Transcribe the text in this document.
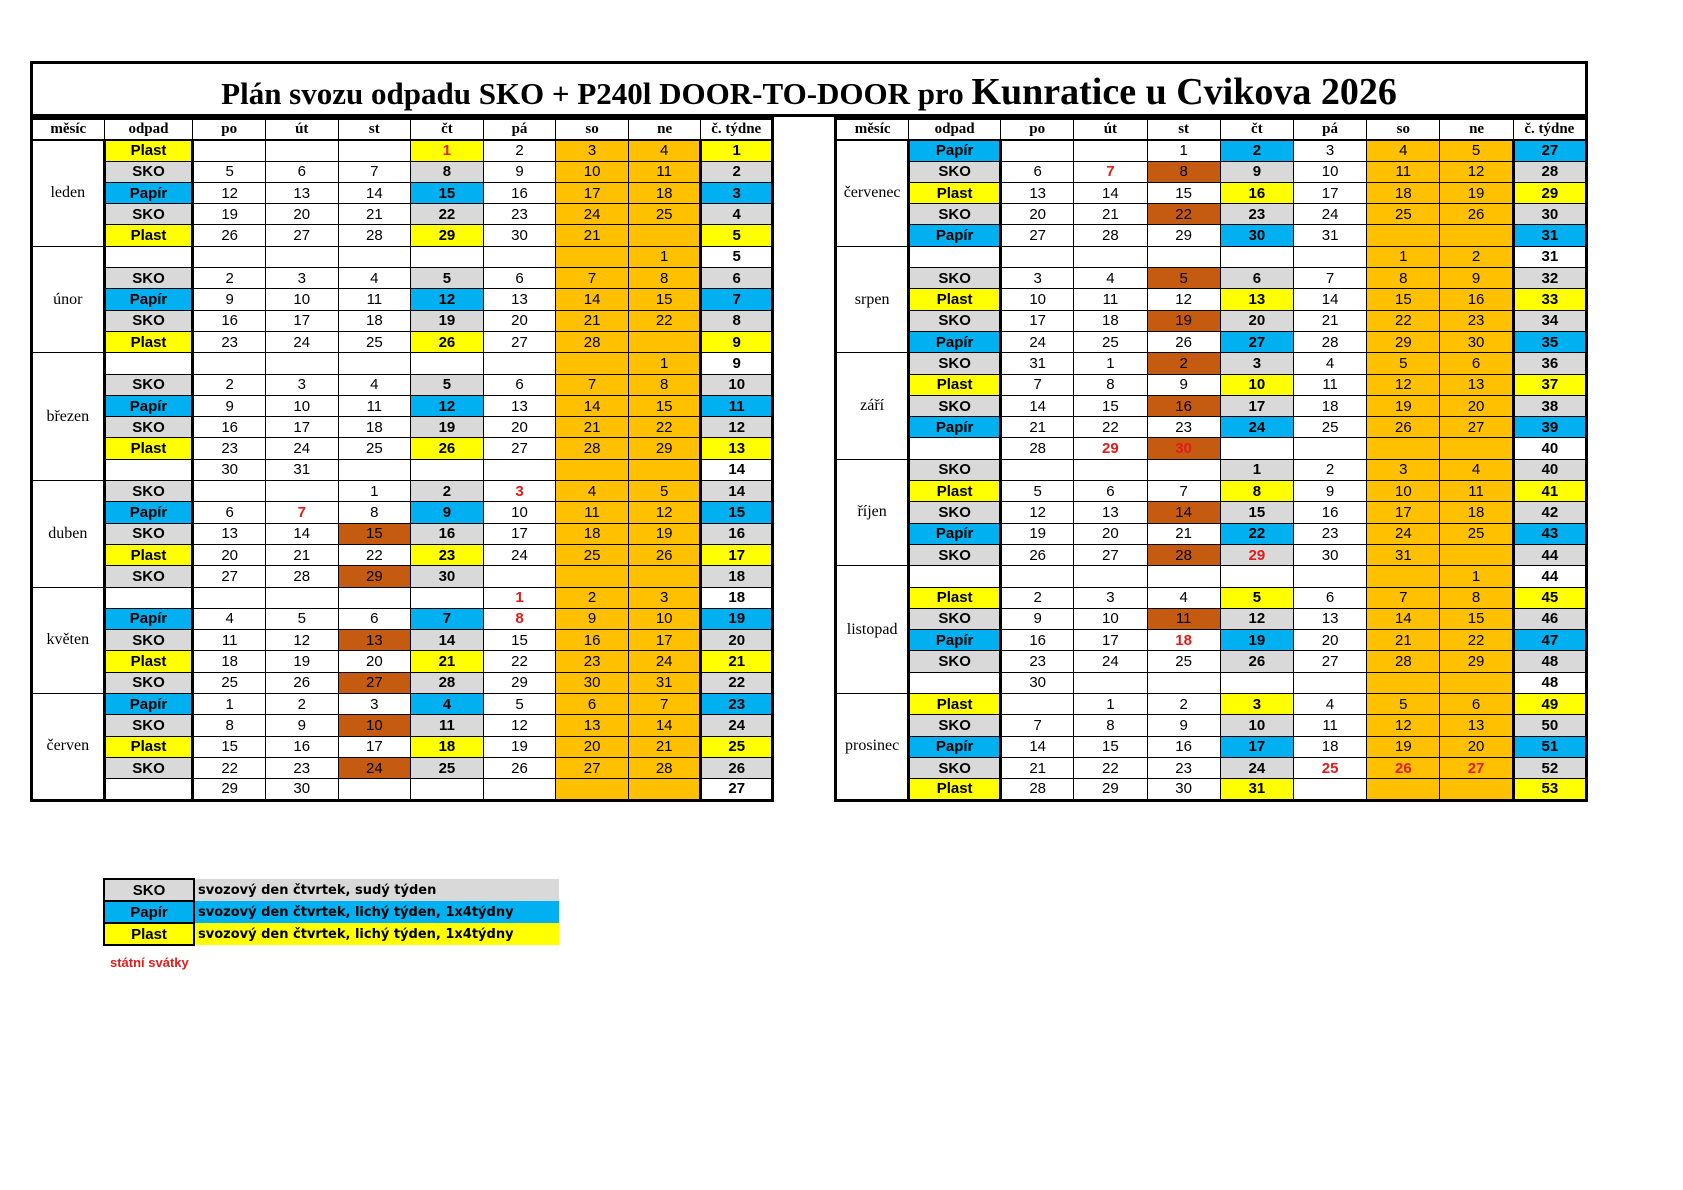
Plán svozu odpadu SKO + P240l DOOR-TO-DOOR pro Kunratice u Cvikova 2026
měsíc	odpad	po	út	st	čt	pá	so	ne	č. týdne
leden	Plast				1	2	3	4	1
	SKO	5	6	7	8	9	10	11	2
	Papír	12	13	14	15	16	17	18	3
	SKO	19	20	21	22	23	24	25	4
	Plast	26	27	28	29	30	21		5
únor								1	5
	SKO	2	3	4	5	6	7	8	6
	Papír	9	10	11	12	13	14	15	7
	SKO	16	17	18	19	20	21	22	8
	Plast	23	24	25	26	27	28		9
březen								1	9
	SKO	2	3	4	5	6	7	8	10
	Papír	9	10	11	12	13	14	15	11
	SKO	16	17	18	19	20	21	22	12
	Plast	23	24	25	26	27	28	29	13
		30	31						14
duben	SKO			1	2	3	4	5	14
	Papír	6	7	8	9	10	11	12	15
	SKO	13	14	15	16	17	18	19	16
	Plast	20	21	22	23	24	25	26	17
	SKO	27	28	29	30				18
květen						1	2	3	18
	Papír	4	5	6	7	8	9	10	19
	SKO	11	12	13	14	15	16	17	20
	Plast	18	19	20	21	22	23	24	21
	SKO	25	26	27	28	29	30	31	22
červen	Papír	1	2	3	4	5	6	7	23
	SKO	8	9	10	11	12	13	14	24
	Plast	15	16	17	18	19	20	21	25
	SKO	22	23	24	25	26	27	28	26
		29	30						27
měsíc	odpad	po	út	st	čt	pá	so	ne	č. týdne
červenec	Papír			1	2	3	4	5	27
	SKO	6	7	8	9	10	11	12	28
	Plast	13	14	15	16	17	18	19	29
	SKO	20	21	22	23	24	25	26	30
	Papír	27	28	29	30	31			31
srpen							1	2	31
	SKO	3	4	5	6	7	8	9	32
	Plast	10	11	12	13	14	15	16	33
	SKO	17	18	19	20	21	22	23	34
	Papír	24	25	26	27	28	29	30	35
září	SKO	31	1	2	3	4	5	6	36
	Plast	7	8	9	10	11	12	13	37
	SKO	14	15	16	17	18	19	20	38
	Papír	21	22	23	24	25	26	27	39
		28	29	30					40
říjen	SKO				1	2	3	4	40
	Plast	5	6	7	8	9	10	11	41
	SKO	12	13	14	15	16	17	18	42
	Papír	19	20	21	22	23	24	25	43
	SKO	26	27	28	29	30	31		44
listopad								1	44
	Plast	2	3	4	5	6	7	8	45
	SKO	9	10	11	12	13	14	15	46
	Papír	16	17	18	19	20	21	22	47
	SKO	23	24	25	26	27	28	29	48
		30							48
prosinec	Plast		1	2	3	4	5	6	49
	SKO	7	8	9	10	11	12	13	50
	Papír	14	15	16	17	18	19	20	51
	SKO	21	22	23	24	25	26	27	52
	Plast	28	29	30	31				53
SKO	svozový den čtvrtek, sudý týden
Papír	svozový den čtvrtek, lichý týden, 1x4týdny
Plast	svozový den čtvrtek, lichý týden, 1x4týdny
státní svátky
